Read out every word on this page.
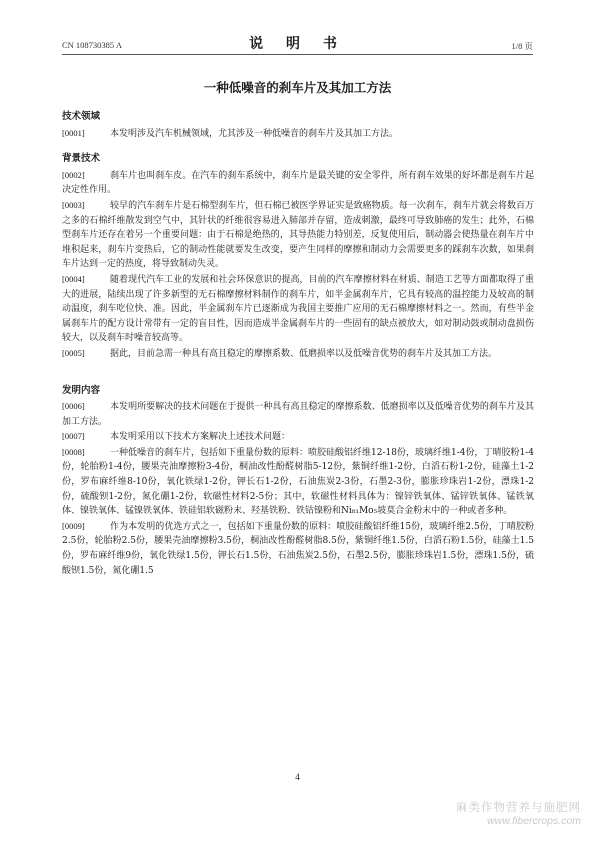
CN 108730385 A	说 明 书	1/8 页
一种低噪音的刹车片及其加工方法
技术领域
[0001]	本发明涉及汽车机械领域，尤其涉及一种低噪音的刹车片及其加工方法。
背景技术
[0002]	刹车片也叫刹车皮。在汽车的刹车系统中，刹车片是最关键的安全零件，所有刹车效果的好坏都是刹车片起决定性作用。
[0003]	较早的汽车刹车片是石棉型刹车片，但石棉已被医学界证实是致癌物质。每一次刹车，刹车片就会将数百万之多的石棉纤维散发到空气中，其针状的纤维很容易进入肺部并存留，造成刺激，最终可导致肺癌的发生；此外，石棉型刹车片还存在着另一个重要问题：由于石棉是绝热的，其导热能力特别差，反复使用后，制动器会使热量在刹车片中堆积起来，刹车片变热后，它的制动性能就要发生改变，要产生同样的摩擦和制动力会需要更多的踩刹车次数，如果刹车片达到一定的热度，将导致制动失灵。
[0004]	随着现代汽车工业的发展和社会环保意识的提高，目前的汽车摩擦材料在材质、制造工艺等方面都取得了重大的进展，陆续出现了许多新型的无石棉摩擦材料制作的刹车片，如半金属刹车片，它具有较高的温控能力及较高的制动温度，刹车吃位快、准。因此，半金属刹车片已逐渐成为我国主要推广应用的无石棉摩擦材料之一。然而，有些半金属刹车片的配方设计常带有一定的盲目性，因而造成半金属刹车片的一些固有的缺点被放大，如对制动鼓或制动盘损伤较大，以及刹车时噪音较高等。
[0005]	据此，目前急需一种具有高且稳定的摩擦系数、低磨损率以及低噪音优势的刹车片及其加工方法。
发明内容
[0006]	本发明所要解决的技术问题在于提供一种具有高且稳定的摩擦系数、低磨损率以及低噪音优势的刹车片及其加工方法。
[0007]	本发明采用以下技术方案解决上述技术问题：
[0008]	一种低噪音的刹车片，包括如下重量份数的原料：喷胶硅酸铝纤维12-18份，玻璃纤维1-4份，丁晴胶粉1-4份，轮胎粉1-4份，腰果壳油摩擦粉3-4份，桐油改性酚醛树脂5-12份，紫铜纤维1-2份，白滔石粉1-2份，硅藻土1-2份，罗布麻纤维8-10份，氧化铁绿1-2份，钾长石1-2份，石油焦炭2-3份，石墨2-3份，膨胀珍珠岩1-2份，漂珠1-2份，硫酸钡1-2份，氮化硼1-2份，软磁性材料2-5份；其中，软磁性材料具体为：镍锌铁氧体、锰锌铁氧体、锰铁氧体、镍铁氧体、锰镍铁氧体、铁硅铝软磁粉末、羟基铁粉、铁钴镍粉和Ni₈₁Mo₅坡莫合金粉末中的一种或者多种。
[0009]	作为本发明的优选方式之一，包括如下重量份数的原料：喷胶硅酸铝纤维15份，玻璃纤维2.5份，丁晴胶粉2.5份，轮胎粉2.5份，腰果壳油摩擦粉3.5份，桐油改性酚醛树脂8.5份，紫铜纤维1.5份，白滔石粉1.5份，硅藻土1.5份，罗布麻纤维9份，氧化铁绿1.5份，钾长石1.5份，石油焦炭2.5份，石墨2.5份，膨胀珍珠岩1.5份，漂珠1.5份，硫酸钡1.5份，氮化硼1.5
4
麻类作物营养与施肥网
www.fibercrops.com
